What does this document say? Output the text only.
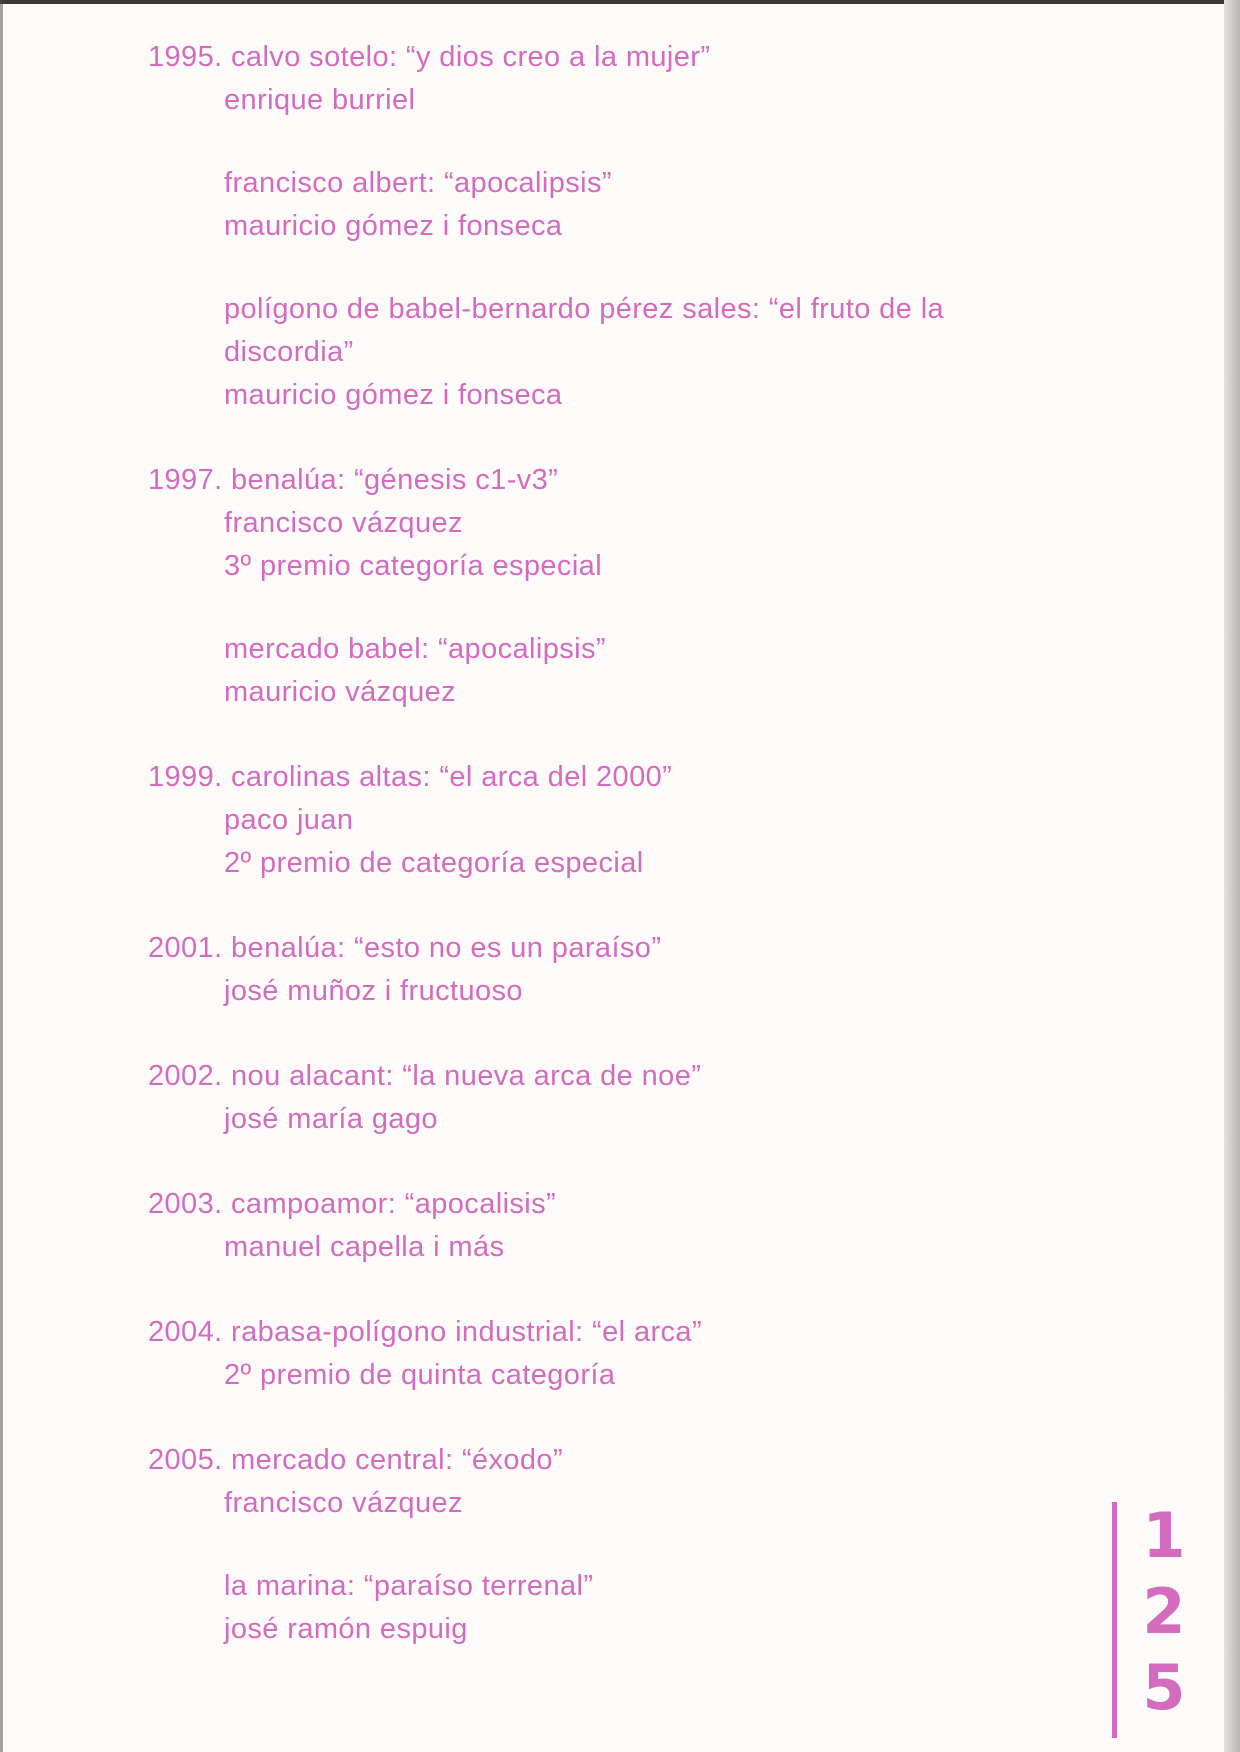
1995. calvo sotelo: “y dios creo a la mujer”
enrique burriel
francisco albert: “apocalipsis”
mauricio gómez i fonseca
polígono de babel-bernardo pérez sales: “el fruto de la
discordia”
mauricio gómez i fonseca
1997. benalúa: “génesis c1-v3”
francisco vázquez
3º premio categoría especial
mercado babel: “apocalipsis”
mauricio vázquez
1999. carolinas altas: “el arca del 2000”
paco juan
2º premio de categoría especial
2001. benalúa: “esto no es un paraíso”
josé muñoz i fructuoso
2002. nou alacant: “la nueva arca de noe”
josé maría gago
2003. campoamor: “apocalisis”
manuel capella i más
2004. rabasa-polígono industrial: “el arca”
2º premio de quinta categoría
2005. mercado central: “éxodo”
francisco vázquez
la marina: “paraíso terrenal”
josé ramón espuig
1
2
5
